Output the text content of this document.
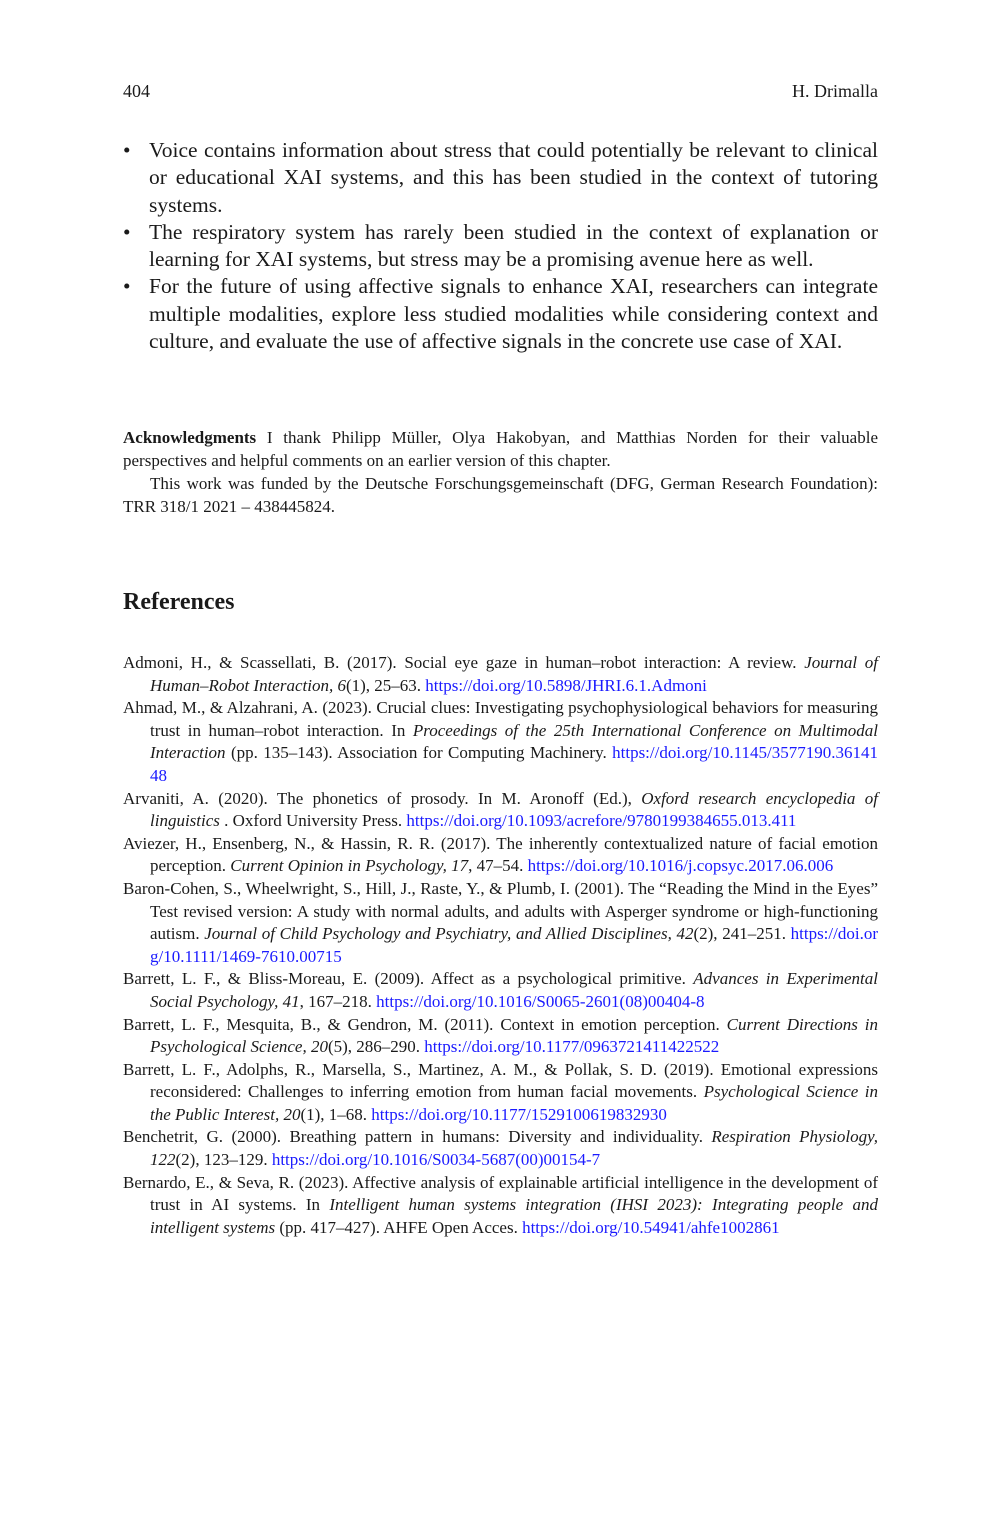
404	H. Drimalla
• Voice contains information about stress that could potentially be relevant to clinical or educational XAI systems, and this has been studied in the context of tutoring systems.
• The respiratory system has rarely been studied in the context of explanation or learning for XAI systems, but stress may be a promising avenue here as well.
• For the future of using affective signals to enhance XAI, researchers can integrate multiple modalities, explore less studied modalities while considering context and culture, and evaluate the use of affective signals in the concrete use case of XAI.

Acknowledgments I thank Philipp Müller, Olya Hakobyan, and Matthias Norden for their valuable perspectives and helpful comments on an earlier version of this chapter.

This work was funded by the Deutsche Forschungsgemeinschaft (DFG, German Research Foundation): TRR 318/1 2021 – 438445824.

References

Admoni, H., & Scassellati, B. (2017). Social eye gaze in human–robot interaction: A review. Journal of Human–Robot Interaction, 6(1), 25–63. https://doi.org/10.5898/JHRI.6.1.Admoni

Ahmad, M., & Alzahrani, A. (2023). Crucial clues: Investigating psychophysiological behaviors for measuring trust in human–robot interaction. In Proceedings of the 25th International Conference on Multimodal Interaction (pp. 135–143). Association for Computing Machinery. https://doi.org/10.1145/3577190.3614148

Arvaniti, A. (2020). The phonetics of prosody. In M. Aronoff (Ed.), Oxford research encyclopedia of linguistics . Oxford University Press. https://doi.org/10.1093/acrefore/9780199384655.013.411

Aviezer, H., Ensenberg, N., & Hassin, R. R. (2017). The inherently contextualized nature of facial emotion perception. Current Opinion in Psychology, 17, 47–54. https://doi.org/10.1016/j.copsyc.2017.06.006

Baron-Cohen, S., Wheelwright, S., Hill, J., Raste, Y., & Plumb, I. (2001). The “Reading the Mind in the Eyes” Test revised version: A study with normal adults, and adults with Asperger syndrome or high-functioning autism. Journal of Child Psychology and Psychiatry, and Allied Disciplines, 42(2), 241–251. https://doi.org/10.1111/1469-7610.00715

Barrett, L. F., & Bliss-Moreau, E. (2009). Affect as a psychological primitive. Advances in Experimental Social Psychology, 41, 167–218. https://doi.org/10.1016/S0065-2601(08)00404-8

Barrett, L. F., Mesquita, B., & Gendron, M. (2011). Context in emotion perception. Current Directions in Psychological Science, 20(5), 286–290. https://doi.org/10.1177/0963721411422522

Barrett, L. F., Adolphs, R., Marsella, S., Martinez, A. M., & Pollak, S. D. (2019). Emotional expressions reconsidered: Challenges to inferring emotion from human facial movements. Psychological Science in the Public Interest, 20(1), 1–68. https://doi.org/10.1177/1529100619832930

Benchetrit, G. (2000). Breathing pattern in humans: Diversity and individuality. Respiration Physiology, 122(2), 123–129. https://doi.org/10.1016/S0034-5687(00)00154-7

Bernardo, E., & Seva, R. (2023). Affective analysis of explainable artificial intelligence in the development of trust in AI systems. In Intelligent human systems integration (IHSI 2023): Integrating people and intelligent systems (pp. 417–427). AHFE Open Acces. https://doi.org/10.54941/ahfe1002861
